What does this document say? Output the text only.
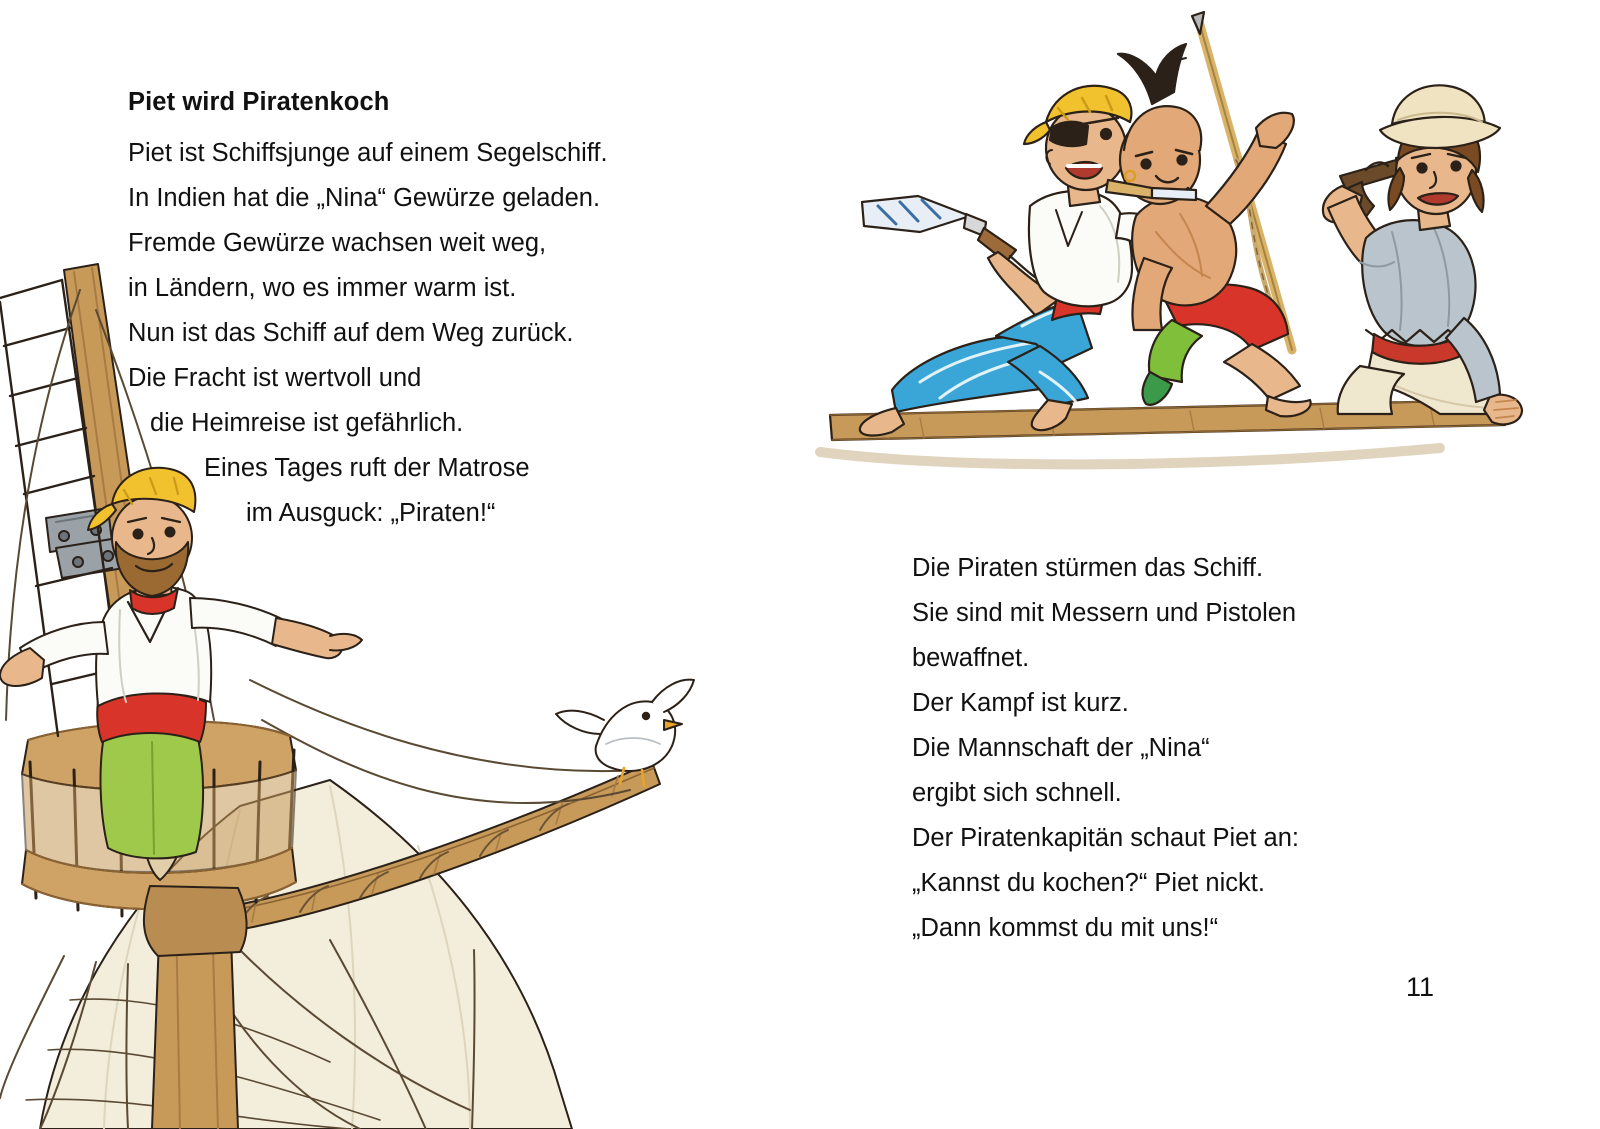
Piet wird Piratenkoch
Piet ist Schiffsjunge auf einem Segelschiff.
In Indien hat die „Nina“ Gewürze geladen.
Fremde Gewürze wachsen weit weg,
in Ländern, wo es immer warm ist.
Nun ist das Schiff auf dem Weg zurück.
Die Fracht ist wertvoll und
die Heimreise ist gefährlich.
Eines Tages ruft der Matrose
im Ausguck: „Piraten!“
Die Piraten stürmen das Schiff.
Sie sind mit Messern und Pistolen
bewaffnet.
Der Kampf ist kurz.
Die Mannschaft der „Nina“
ergibt sich schnell.
Der Piratenkapitän schaut Piet an:
„Kannst du kochen?“ Piet nickt.
„Dann kommst du mit uns!“
11
